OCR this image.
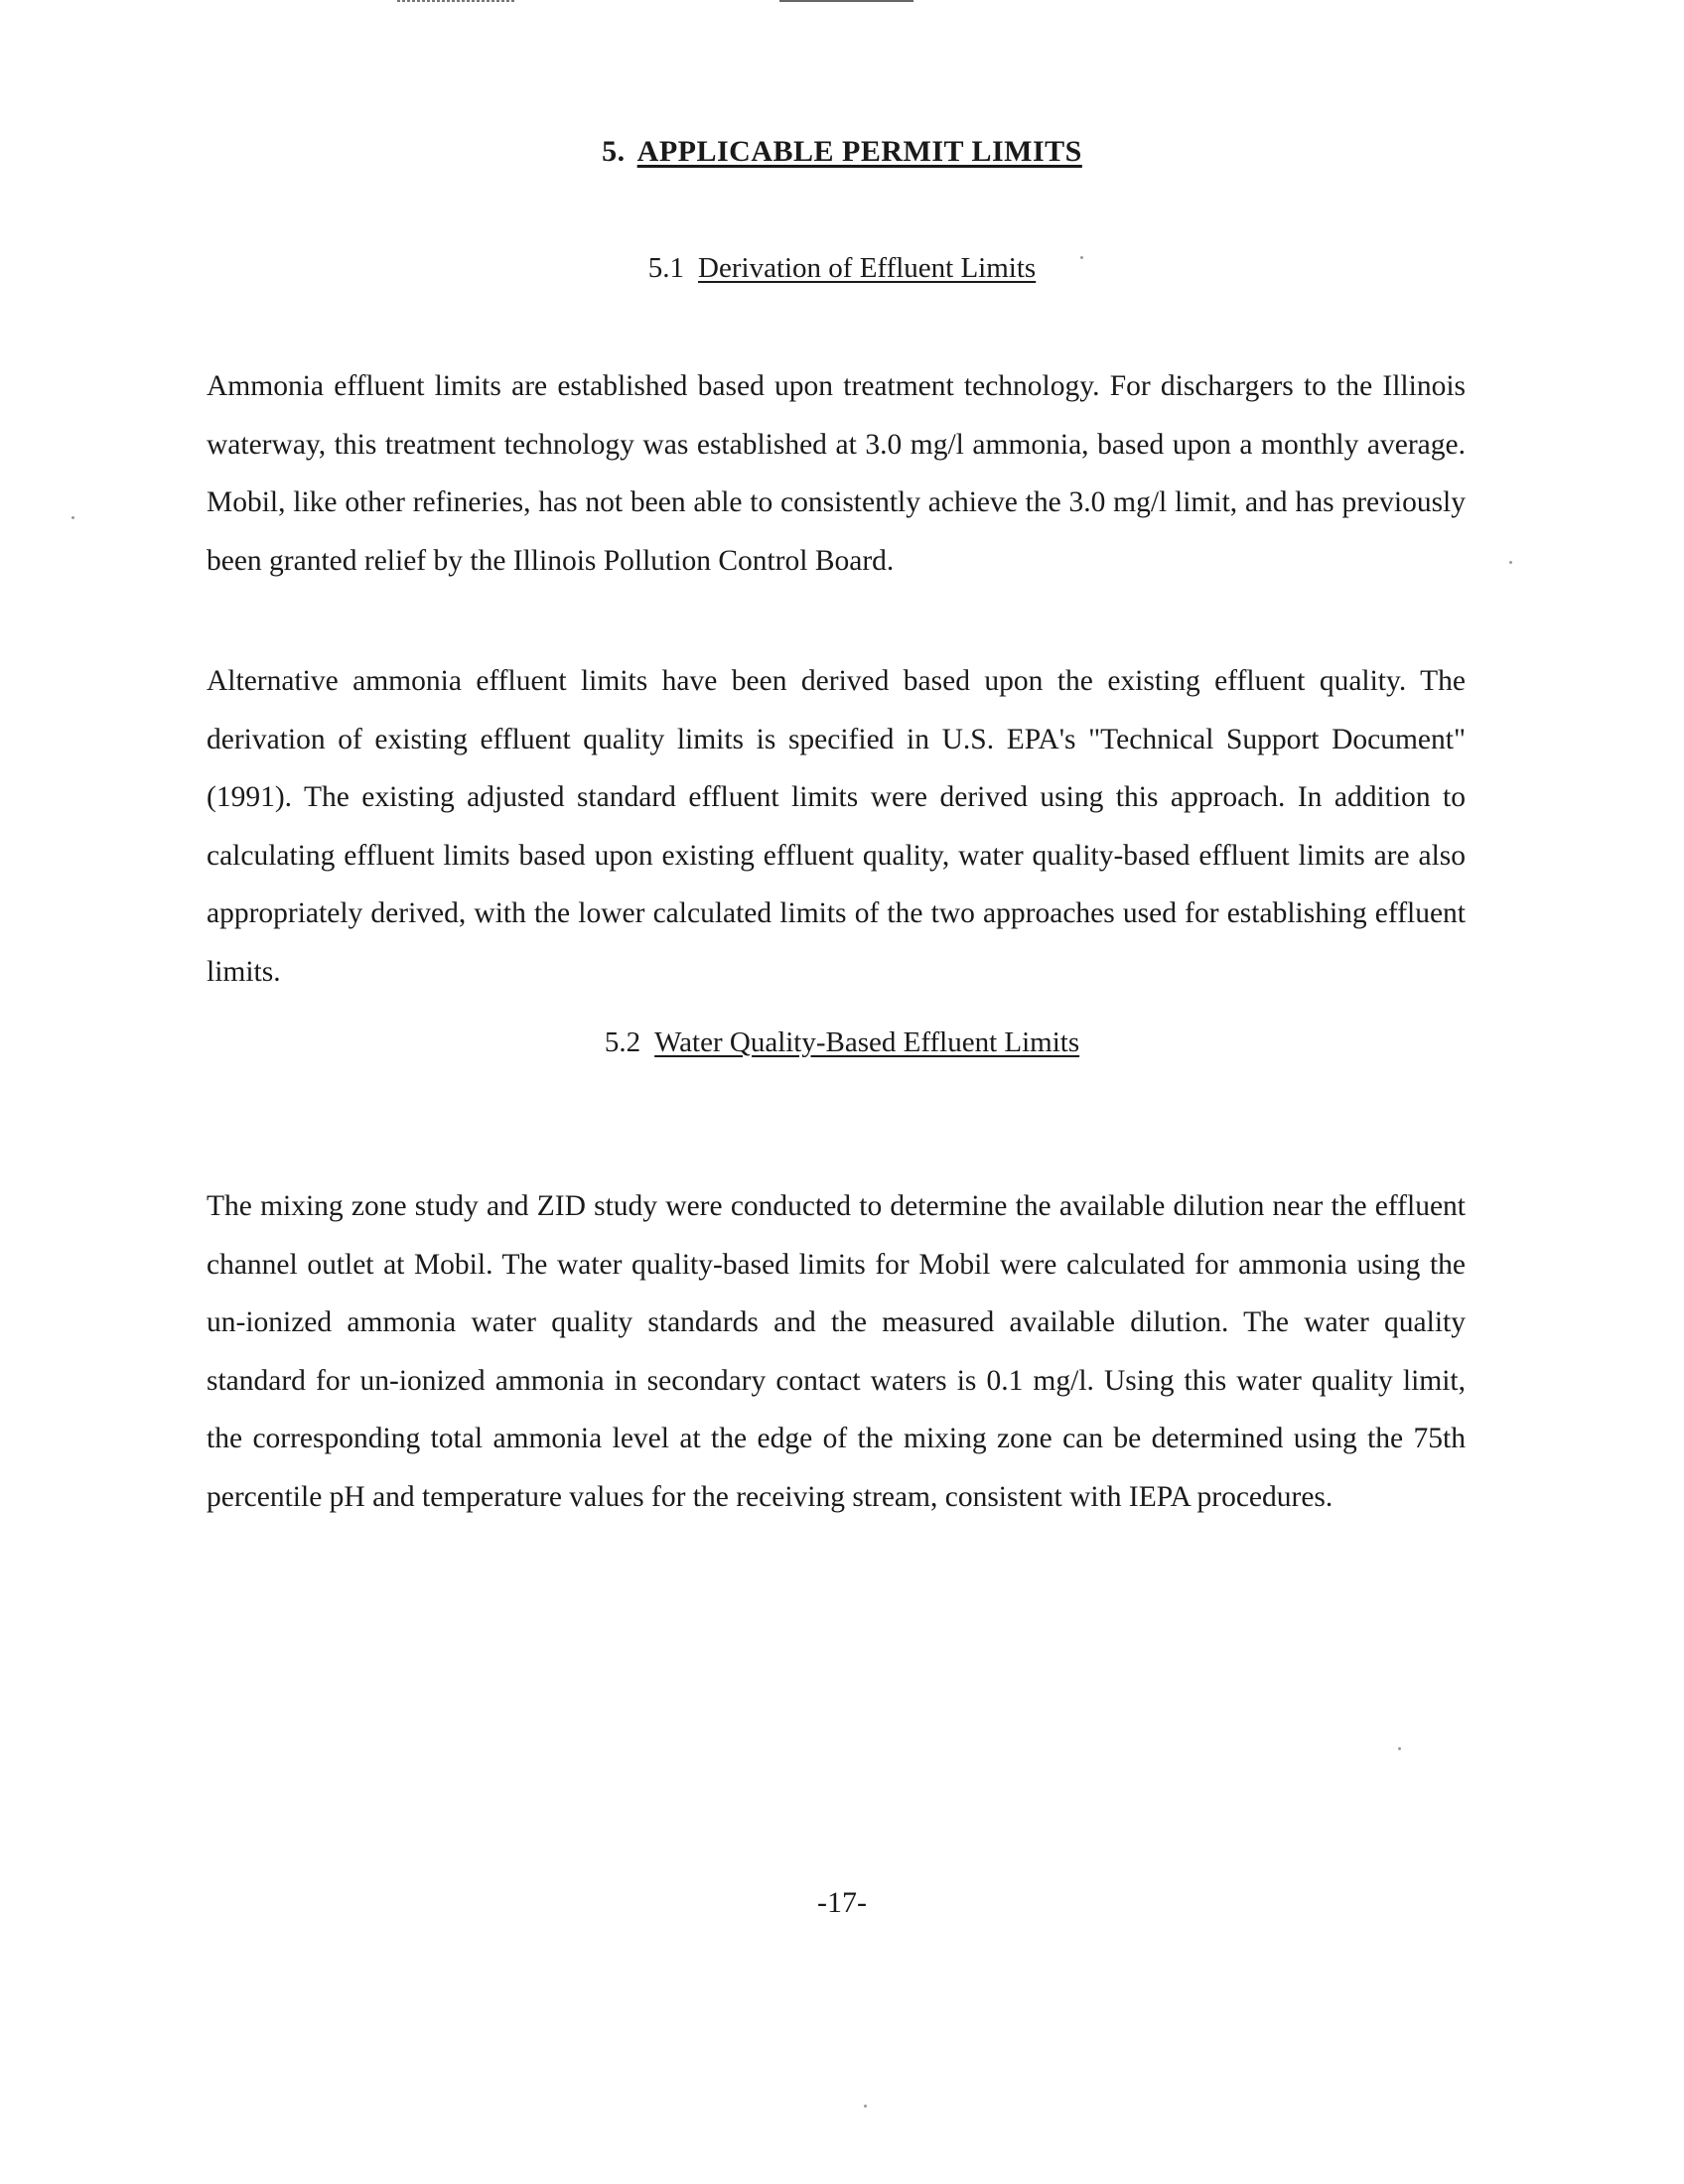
5. APPLICABLE PERMIT LIMITS
5.1 Derivation of Effluent Limits

Ammonia effluent limits are established based upon treatment technology. For dischargers to the Illinois waterway, this treatment technology was established at 3.0 mg/l ammonia, based upon a monthly average. Mobil, like other refineries, has not been able to consistently achieve the 3.0 mg/l limit, and has previously been granted relief by the Illinois Pollution Control Board.

Alternative ammonia effluent limits have been derived based upon the existing effluent quality. The derivation of existing effluent quality limits is specified in U.S. EPA's "Technical Support Document" (1991). The existing adjusted standard effluent limits were derived using this approach. In addition to calculating effluent limits based upon existing effluent quality, water quality-based effluent limits are also appropriately derived, with the lower calculated limits of the two approaches used for establishing effluent limits.

5.2 Water Quality-Based Effluent Limits

The mixing zone study and ZID study were conducted to determine the available dilution near the effluent channel outlet at Mobil. The water quality-based limits for Mobil were calculated for ammonia using the un-ionized ammonia water quality standards and the measured available dilution. The water quality standard for un-ionized ammonia in secondary contact waters is 0.1 mg/l. Using this water quality limit, the corresponding total ammonia level at the edge of the mixing zone can be determined using the 75th percentile pH and temperature values for the receiving stream, consistent with IEPA procedures.

-17-
